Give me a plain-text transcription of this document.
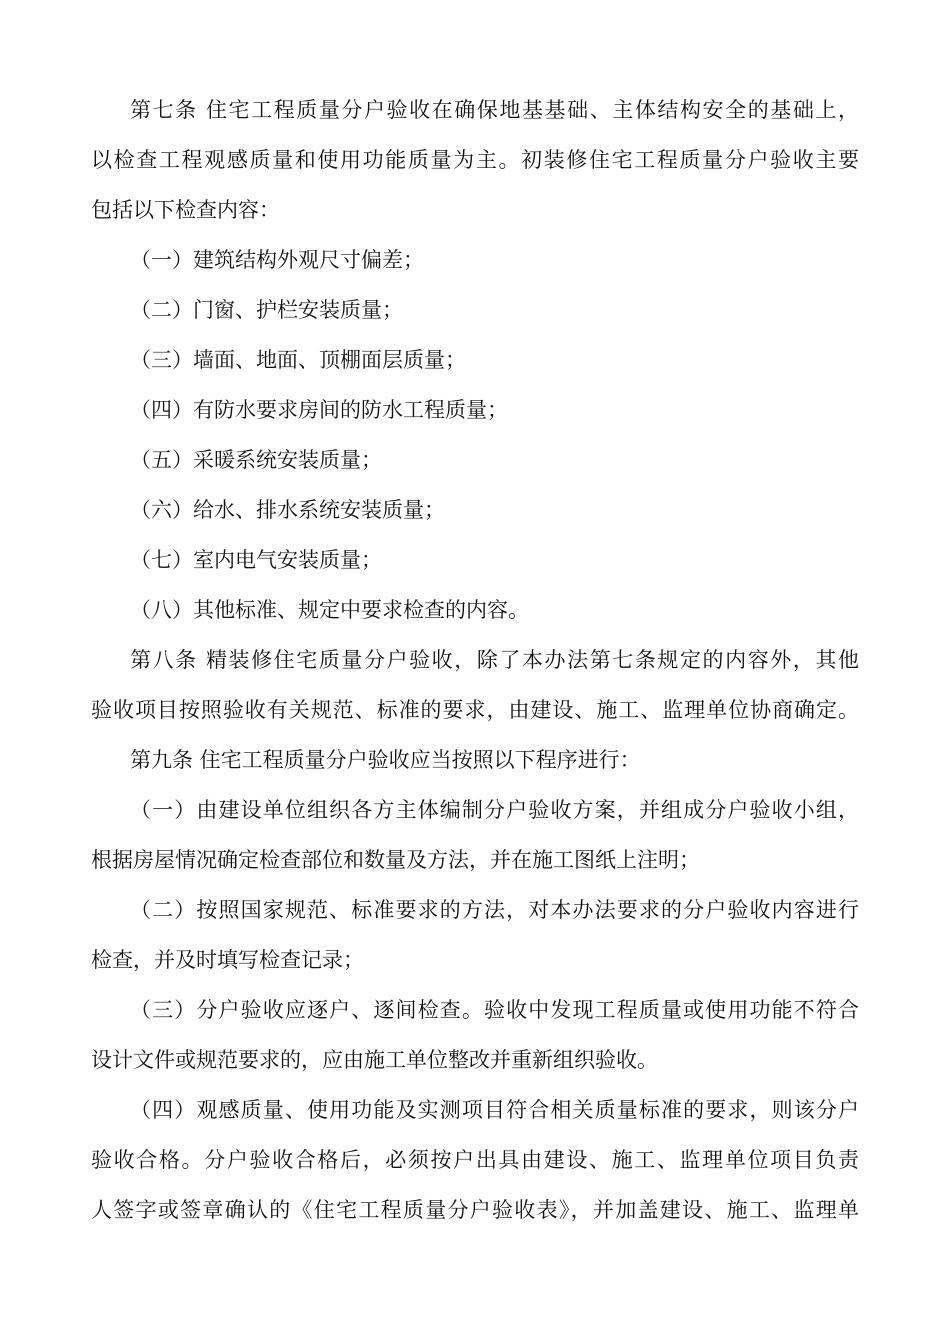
第七条 住宅工程质量分户验收在确保地基基础、主体结构安全的基础上，
以检查工程观感质量和使用功能质量为主。初装修住宅工程质量分户验收主要
包括以下检查内容：
（一）建筑结构外观尺寸偏差；
（二）门窗、护栏安装质量；
（三）墙面、地面、顶棚面层质量；
（四）有防水要求房间的防水工程质量；
（五）采暖系统安装质量；
（六）给水、排水系统安装质量；
（七）室内电气安装质量；
（八）其他标准、规定中要求检查的内容。
第八条 精装修住宅质量分户验收，除了本办法第七条规定的内容外，其他
验收项目按照验收有关规范、标准的要求，由建设、施工、监理单位协商确定。
第九条 住宅工程质量分户验收应当按照以下程序进行：
（一）由建设单位组织各方主体编制分户验收方案，并组成分户验收小组，
根据房屋情况确定检查部位和数量及方法，并在施工图纸上注明；
（二）按照国家规范、标准要求的方法，对本办法要求的分户验收内容进行
检查，并及时填写检查记录；
（三）分户验收应逐户、逐间检查。验收中发现工程质量或使用功能不符合
设计文件或规范要求的，应由施工单位整改并重新组织验收。
（四）观感质量、使用功能及实测项目符合相关质量标准的要求，则该分户
验收合格。分户验收合格后，必须按户出具由建设、施工、监理单位项目负责
人签字或签章确认的《住宅工程质量分户验收表》，并加盖建设、施工、监理单
